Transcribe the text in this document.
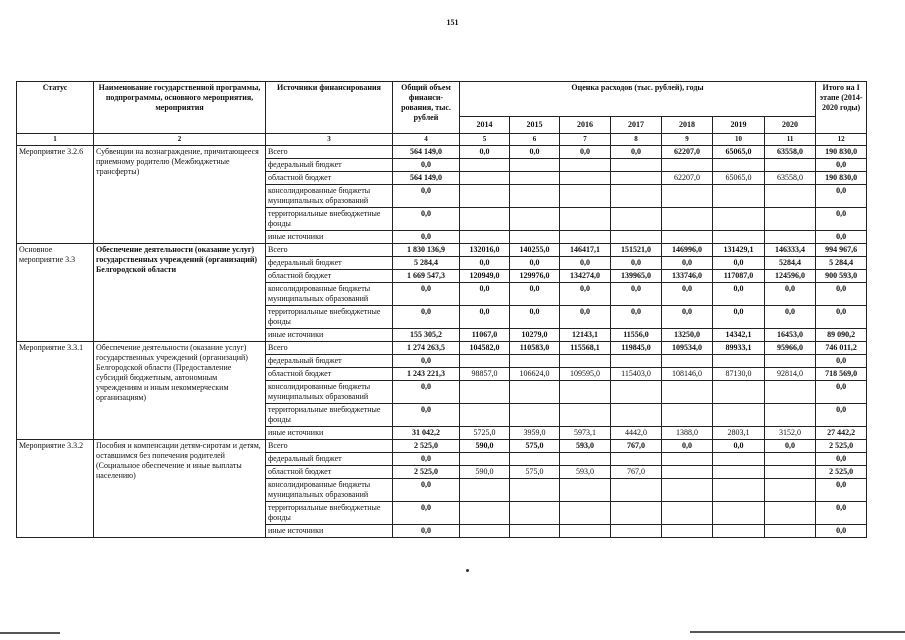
151
Статус	Наименование государственной программы, подпрограммы, основного мероприятия, мероприятия	Источники финансирования	Общий объем финанси-рования, тыс. рублей	Оценка расходов (тыс. рублей), годы							Итого на I этапе (2014-2020 годы)
				2014	2015	2016	2017	2018	2019	2020	
1	2	3	4	5	6	7	8	9	10	11	12
Мероприятие 3.2.6	Субвенции на вознаграждение, причитающееся приемному родителю (Межбюджетные трансферты)	Всего	564 149,0	0,0	0,0	0,0	0,0	62207,0	65065,0	63558,0	190 830,0
		федеральный бюджет	0,0								0,0
		областной бюджет	564 149,0					62207,0	65065,0	63558,0	190 830,0
		консолидированные бюджеты муниципальных образований	0,0								0,0
		территориальные внебюджетные фонды	0,0								0,0
		иные источники	0,0								0,0
Основное мероприятие 3.3	Обеспечение деятельности (оказание услуг) государственных учреждений (организаций) Белгородской области	Всего	1 830 136,9	132016,0	140255,0	146417,1	151521,0	146996,0	131429,1	146333,4	994 967,6
		федеральный бюджет	5 284,4	0,0	0,0	0,0	0,0	0,0	0,0	5284,4	5 284,4
		областной бюджет	1 669 547,3	120949,0	129976,0	134274,0	139965,0	133746,0	117087,0	124596,0	900 593,0
		консолидированные бюджеты муниципальных образований	0,0	0,0	0,0	0,0	0,0	0,0	0,0	0,0	0,0
		территориальные внебюджетные фонды	0,0	0,0	0,0	0,0	0,0	0,0	0,0	0,0	0,0
		иные источники	155 305,2	11067,0	10279,0	12143,1	11556,0	13250,0	14342,1	16453,0	89 090,2
Мероприятие 3.3.1	Обеспечение деятельности (оказание услуг) государственных учреждений (организаций) Белгородской области (Предоставление субсидий бюджетным, автономным учреждениям и иным некоммерческим организациям)	Всего	1 274 263,5	104582,0	110583,0	115568,1	119845,0	109534,0	89933,1	95966,0	746 011,2
		федеральный бюджет	0,0								0,0
		областной бюджет	1 243 221,3	98857,0	106624,0	109595,0	115403,0	108146,0	87130,0	92814,0	718 569,0
		консолидированные бюджеты муниципальных образований	0,0								0,0
		территориальные внебюджетные фонды	0,0								0,0
		иные источники	31 042,2	5725,0	3959,0	5973,1	4442,0	1388,0	2803,1	3152,0	27 442,2
Мероприятие 3.3.2	Пособия и компенсации детям-сиротам и детям, оставшимся без попечения родителей (Социальное обеспечение и иные выплаты населению)	Всего	2 525,0	590,0	575,0	593,0	767,0	0,0	0,0	0,0	2 525,0
		федеральный бюджет	0,0								0,0
		областной бюджет	2 525,0	590,0	575,0	593,0	767,0				2 525,0
		консолидированные бюджеты муниципальных образований	0,0								0,0
		территориальные внебюджетные фонды	0,0								0,0
		иные источники	0,0								0,0
